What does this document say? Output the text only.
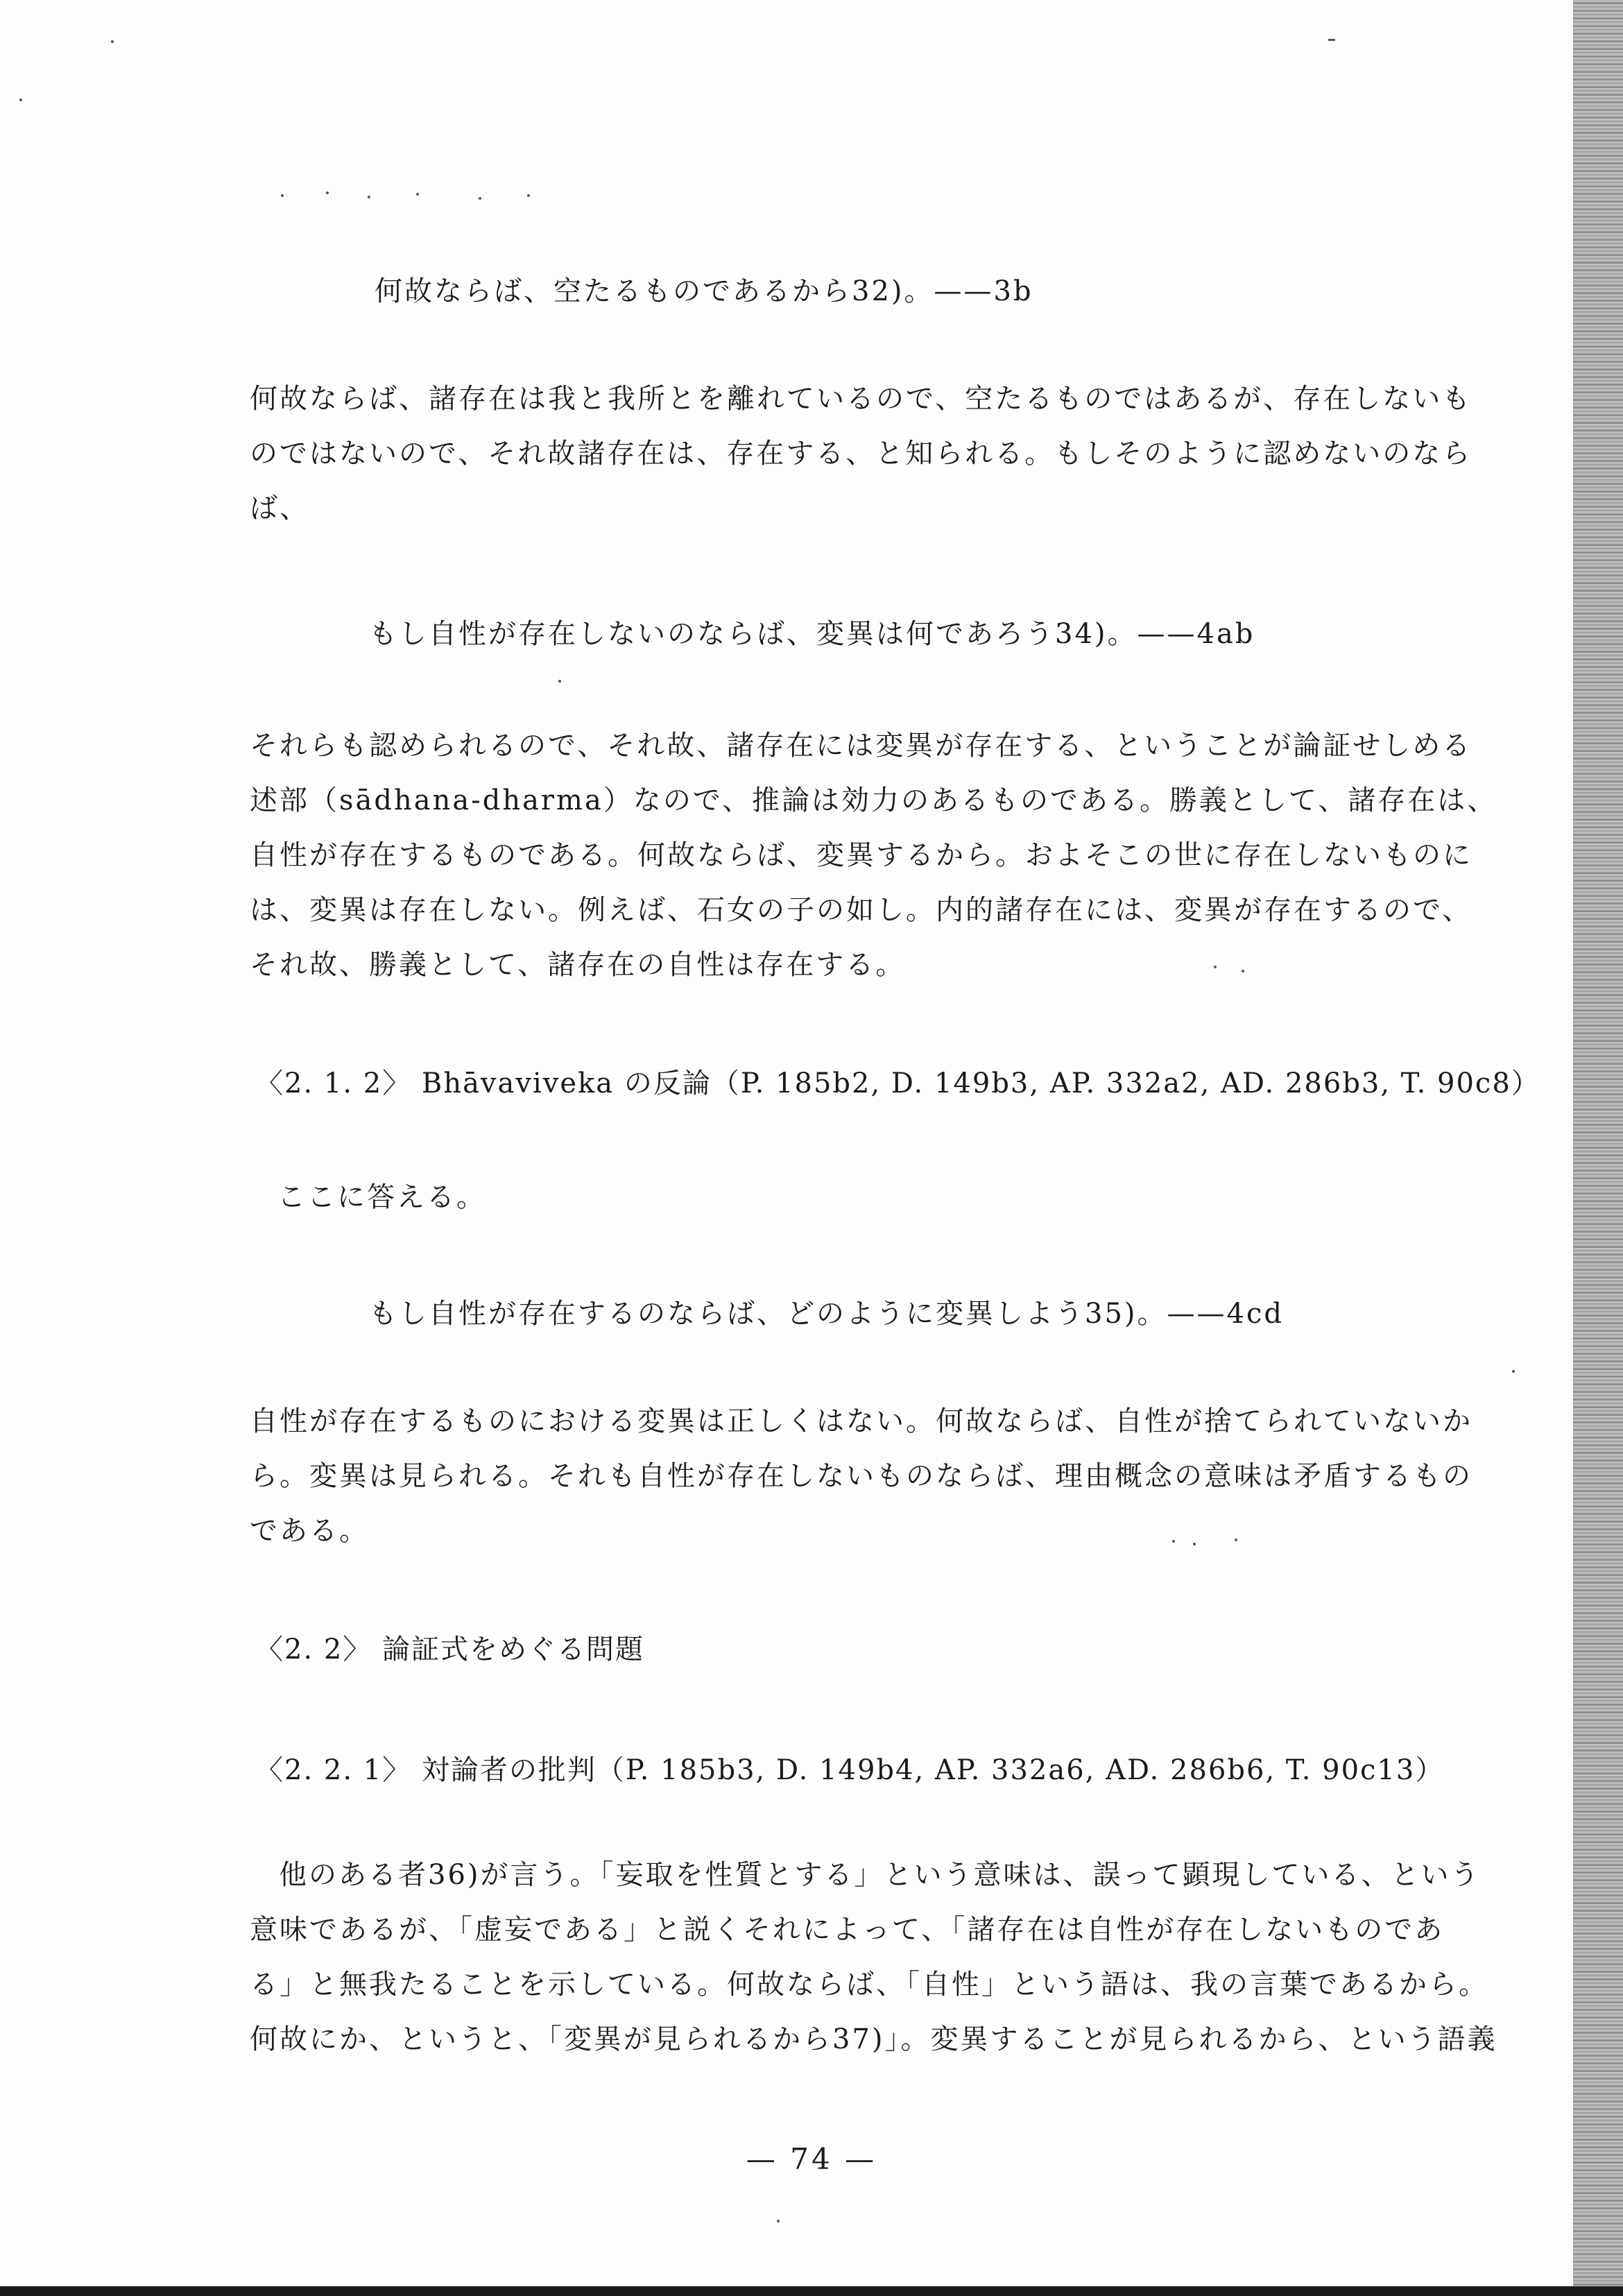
何故ならば、空たるものであるから32)。——3b
何故ならば、諸存在は我と我所とを離れているので、空たるものではあるが、存在しないも
のではないので、それ故諸存在は、存在する、と知られる。もしそのように認めないのなら
ば、
もし自性が存在しないのならば、変異は何であろう34)。——4ab
それらも認められるので、それ故、諸存在には変異が存在する、ということが論証せしめる
述部（sādhana-dharma）なので、推論は効力のあるものである。勝義として、諸存在は、
自性が存在するものである。何故ならば、変異するから。およそこの世に存在しないものに
は、変異は存在しない。例えば、石女の子の如し。内的諸存在には、変異が存在するので、
それ故、勝義として、諸存在の自性は存在する。
〈2. 1. 2〉 Bhāvaviveka の反論（P. 185b2, D. 149b3, AP. 332a2, AD. 286b3, T. 90c8）
ここに答える。
もし自性が存在するのならば、どのように変異しよう35)。——4cd
自性が存在するものにおける変異は正しくはない。何故ならば、自性が捨てられていないか
ら。変異は見られる。それも自性が存在しないものならば、理由概念の意味は矛盾するもの
である。
〈2. 2〉 論証式をめぐる問題
〈2. 2. 1〉 対論者の批判（P. 185b3, D. 149b4, AP. 332a6, AD. 286b6, T. 90c13）
他のある者36)が言う。「妄取を性質とする」という意味は、誤って顕現している、という
意味であるが、「虚妄である」と説くそれによって、「諸存在は自性が存在しないものであ
る」と無我たることを示している。何故ならば、「自性」という語は、我の言葉であるから。
何故にか、というと、「変異が見られるから37)」。変異することが見られるから、という語義
— 74 —
